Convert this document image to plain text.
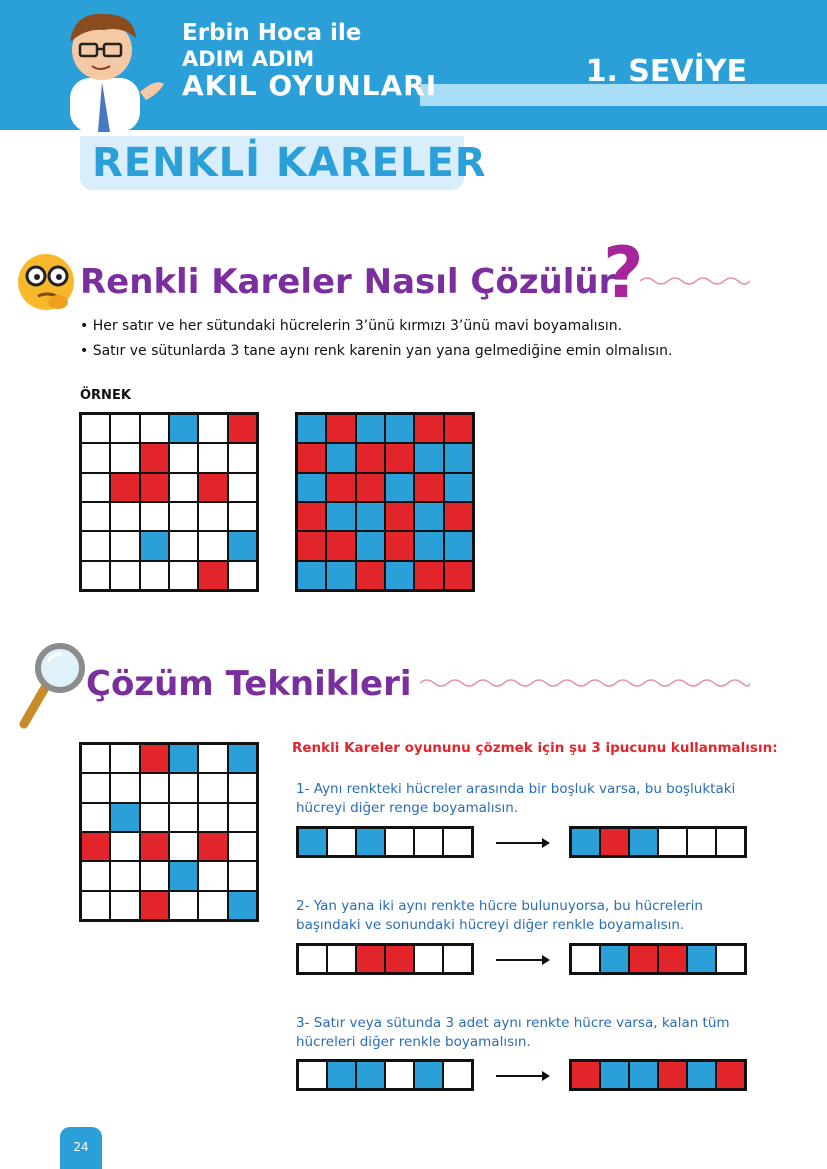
Erbin Hoca ile
ADIM ADIM
AKIL OYUNLARI	1. SEVİYE
RENKLİ KARELER
Renkli Kareler Nasıl Çözülür
?
• Her satır ve her sütundaki hücrelerin 3’ünü kırmızı 3’ünü mavi boyamalısın.
• Satır ve sütunlarda 3 tane aynı renk karenin yan yana gelmediğine emin olmalısın.
ÖRNEK
Çözüm Teknikleri
Renkli Kareler oyununu çözmek için şu 3 ipucunu kullanmalısın:
1- Aynı renkteki hücreler arasında bir boşluk varsa, bu boşluktaki
hücreyi diğer renge boyamalısın.
2- Yan yana iki aynı renkte hücre bulunuyorsa, bu hücrelerin
başındaki ve sonundaki hücreyi diğer renkle boyamalısın.
3- Satır veya sütunda 3 adet aynı renkte hücre varsa, kalan tüm
hücreleri diğer renkle boyamalısın.
24
